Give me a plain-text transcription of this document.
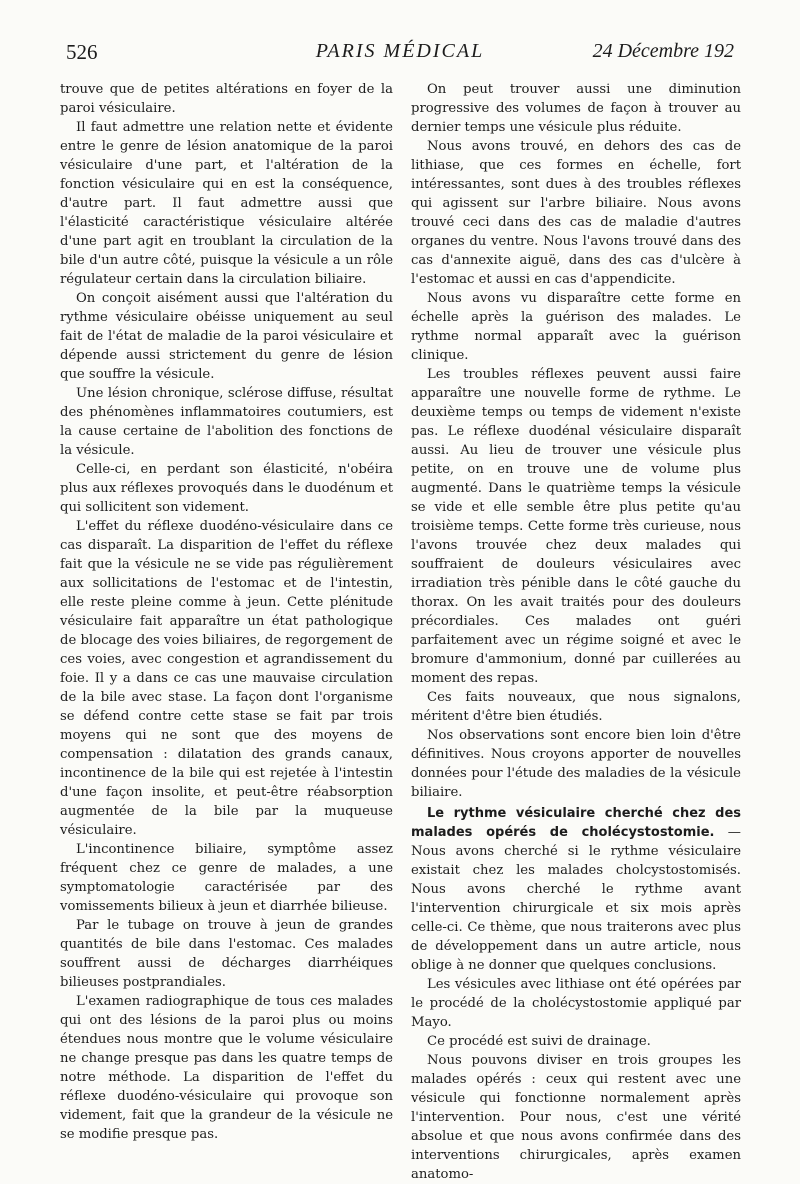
526	PARIS MÉDICAL	24 Décembre 192

trouve que de petites altérations en foyer de la paroi vésiculaire.

Il faut admettre une relation nette et évidente entre le genre de lésion anatomique de la paroi vésiculaire d'une part, et l'altération de la fonction vésiculaire qui en est la conséquence, d'autre part. Il faut admettre aussi que l'élasticité caractéristique vésiculaire altérée d'une part agit en troublant la circulation de la bile d'un autre côté, puisque la vésicule a un rôle régulateur certain dans la circulation biliaire.

On conçoit aisément aussi que l'altération du rythme vésiculaire obéisse uniquement au seul fait de l'état de maladie de la paroi vésiculaire et dépende aussi strictement du genre de lésion que souffre la vésicule.

Une lésion chronique, sclérose diffuse, résultat des phénomènes inflammatoires coutumiers, est la cause certaine de l'abolition des fonctions de la vésicule.

Celle-ci, en perdant son élasticité, n'obéira plus aux réflexes provoqués dans le duodénum et qui sollicitent son videment.

L'effet du réflexe duodéno-vésiculaire dans ce cas disparaît. La disparition de l'effet du réflexe fait que la vésicule ne se vide pas régulièrement aux sollicitations de l'estomac et de l'intestin, elle reste pleine comme à jeun. Cette plénitude vésiculaire fait apparaître un état pathologique de blocage des voies biliaires, de regorgement de ces voies, avec congestion et agrandissement du foie. Il y a dans ce cas une mauvaise circulation de la bile avec stase. La façon dont l'organisme se défend contre cette stase se fait par trois moyens qui ne sont que des moyens de compensation : dilatation des grands canaux, incontinence de la bile qui est rejetée à l'intestin d'une façon insolite, et peut-être réabsorption augmentée de la bile par la muqueuse vésiculaire.

L'incontinence biliaire, symptôme assez fréquent chez ce genre de malades, a une symptomatologie caractérisée par des vomissements bilieux à jeun et diarrhée bilieuse.

Par le tubage on trouve à jeun de grandes quantités de bile dans l'estomac. Ces malades souffrent aussi de décharges diarrhéiques bilieuses postprandiales.

L'examen radiographique de tous ces malades qui ont des lésions de la paroi plus ou moins étendues nous montre que le volume vésiculaire ne change presque pas dans les quatre temps de notre méthode. La disparition de l'effet du réflexe duodéno-vésiculaire qui provoque son videment, fait que la grandeur de la vésicule ne se modifie presque pas.

On peut trouver aussi une diminution progressive des volumes de façon à trouver au dernier temps une vésicule plus réduite.

Nous avons trouvé, en dehors des cas de lithiase, que ces formes en échelle, fort intéressantes, sont dues à des troubles réflexes qui agissent sur l'arbre biliaire. Nous avons trouvé ceci dans des cas de maladie d'autres organes du ventre. Nous l'avons trouvé dans des cas d'annexite aiguë, dans des cas d'ulcère à l'estomac et aussi en cas d'appendicite.

Nous avons vu disparaître cette forme en échelle après la guérison des malades. Le rythme normal apparaît avec la guérison clinique.

Les troubles réflexes peuvent aussi faire apparaître une nouvelle forme de rythme. Le deuxième temps ou temps de videment n'existe pas. Le réflexe duodénal vésiculaire disparaît aussi. Au lieu de trouver une vésicule plus petite, on en trouve une de volume plus augmenté. Dans le quatrième temps la vésicule se vide et elle semble être plus petite qu'au troisième temps. Cette forme très curieuse, nous l'avons trouvée chez deux malades qui souffraient de douleurs vésiculaires avec irradiation très pénible dans le côté gauche du thorax. On les avait traités pour des douleurs précordiales. Ces malades ont guéri parfaitement avec un régime soigné et avec le bromure d'ammonium, donné par cuillerées au moment des repas.

Ces faits nouveaux, que nous signalons, méritent d'être bien étudiés.

Nos observations sont encore bien loin d'être définitives. Nous croyons apporter de nouvelles données pour l'étude des maladies de la vésicule biliaire.

Le rythme vésiculaire cherché chez des malades opérés de cholécystostomie. — Nous avons cherché si le rythme vésiculaire existait chez les malades cholcystostomisés. Nous avons cherché le rythme avant l'intervention chirurgicale et six mois après celle-ci. Ce thème, que nous traiterons avec plus de développement dans un autre article, nous oblige à ne donner que quelques conclusions.

Les vésicules avec lithiase ont été opérées par le procédé de la cholécystostomie appliqué par Mayo.

Ce procédé est suivi de drainage.

Nous pouvons diviser en trois groupes les malades opérés : ceux qui restent avec une vésicule qui fonctionne normalement après l'intervention. Pour nous, c'est une vérité absolue et que nous avons confirmée dans des interventions chirurgicales, après examen anatomo-
